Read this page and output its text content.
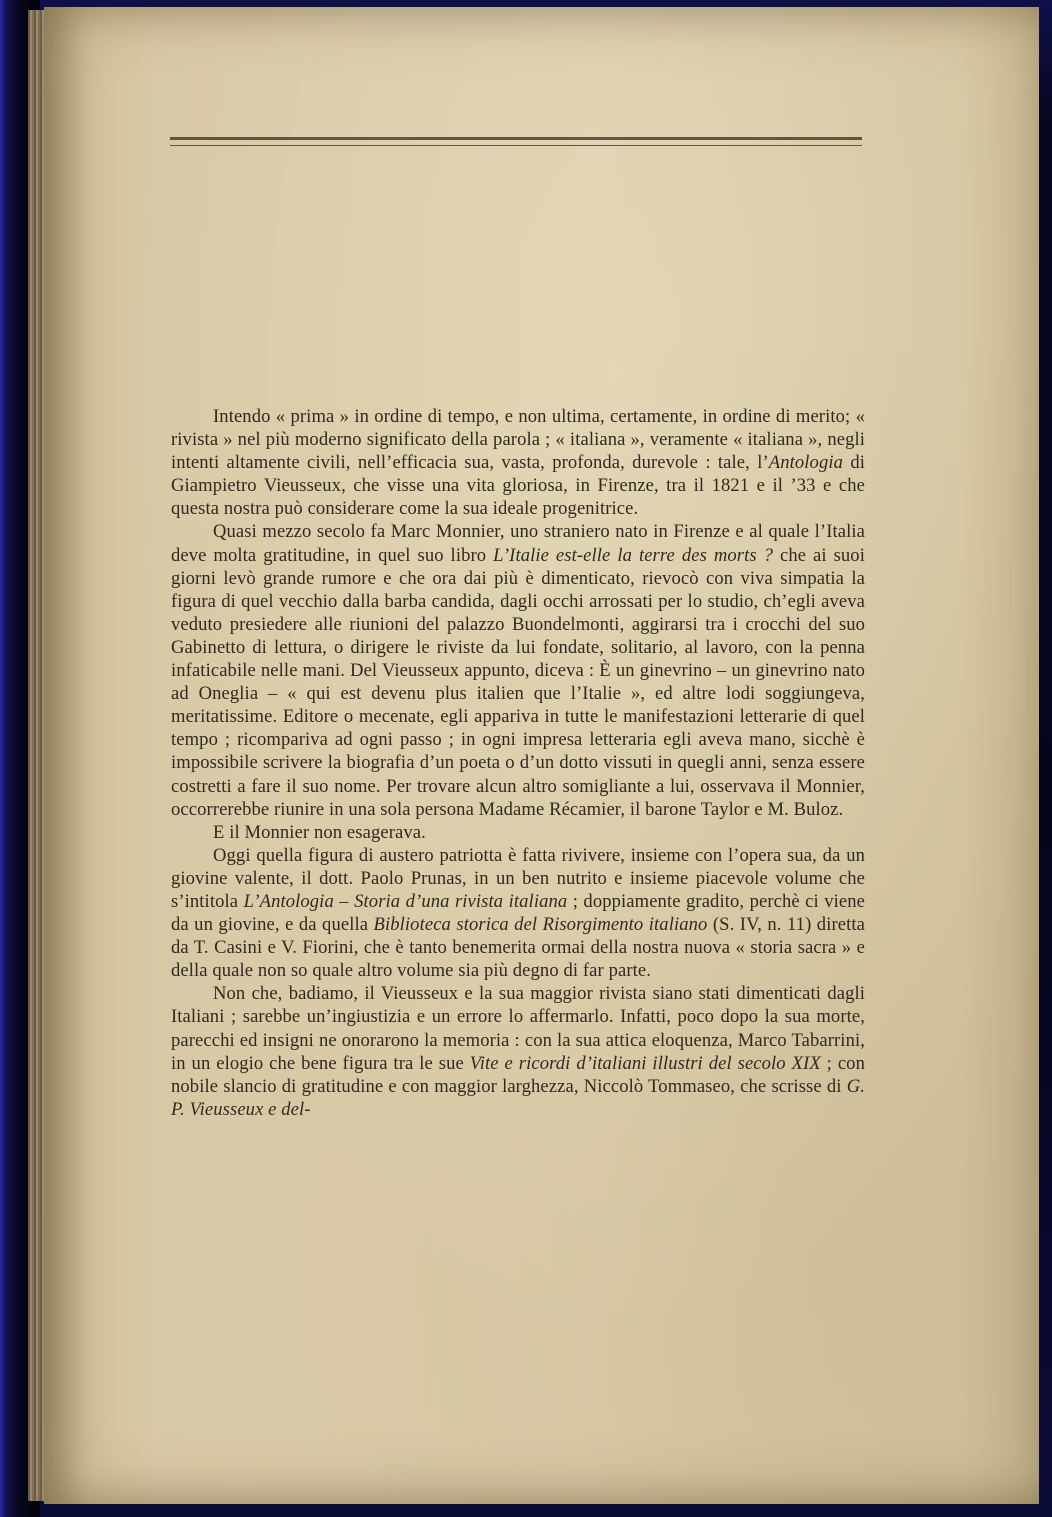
Intendo « prima » in ordine di tempo, e non ultima, certamente, in ordine di merito; « rivista » nel più moderno significato della parola ; « italiana », veramente « italiana », negli intenti altamente civili, nell’efficacia sua, vasta, profonda, durevole : tale, l’Antologia di Giampietro Vieusseux, che visse una vita gloriosa, in Firenze, tra il 1821 e il ’33 e che questa nostra può considerare come la sua ideale progenitrice.

Quasi mezzo secolo fa Marc Monnier, uno straniero nato in Firenze e al quale l’Italia deve molta gratitudine, in quel suo libro L’Italie est-elle la terre des morts ? che ai suoi giorni levò grande rumore e che ora dai più è dimenticato, rievocò con viva simpatia la figura di quel vecchio dalla barba candida, dagli occhi arrossati per lo studio, ch’egli aveva veduto presiedere alle riunioni del palazzo Buondelmonti, aggirarsi tra i crocchi del suo Gabinetto di lettura, o dirigere le riviste da lui fondate, solitario, al lavoro, con la penna infaticabile nelle mani. Del Vieusseux appunto, diceva : È un ginevrino – un ginevrino nato ad Oneglia – « qui est devenu plus italien que l’Italie », ed altre lodi soggiungeva, meritatissime. Editore o mecenate, egli appariva in tutte le manifestazioni letterarie di quel tempo ; ricompariva ad ogni passo ; in ogni impresa letteraria egli aveva mano, sicchè è impossibile scrivere la biografia d’un poeta o d’un dotto vissuti in quegli anni, senza essere costretti a fare il suo nome. Per trovare alcun altro somigliante a lui, osservava il Monnier, occorrerebbe riunire in una sola persona Madame Récamier, il barone Taylor e M. Buloz.

E il Monnier non esagerava.

Oggi quella figura di austero patriotta è fatta rivivere, insieme con l’opera sua, da un giovine valente, il dott. Paolo Prunas, in un ben nutrito e insieme piacevole volume che s’intitola L’Antologia – Storia d’una rivista italiana ; doppiamente gradito, perchè ci viene da un giovine, e da quella Biblioteca storica del Risorgimento italiano (S. IV, n. 11) diretta da T. Casini e V. Fiorini, che è tanto benemerita ormai della nostra nuova « storia sacra » e della quale non so quale altro volume sia più degno di far parte.

Non che, badiamo, il Vieusseux e la sua maggior rivista siano stati dimenticati dagli Italiani ; sarebbe un’ingiustizia e un errore lo affermarlo. Infatti, poco dopo la sua morte, parecchi ed insigni ne onorarono la memoria : con la sua attica eloquenza, Marco Tabarrini, in un elogio che bene figura tra le sue Vite e ricordi d’italiani illustri del secolo XIX ; con nobile slancio di gratitudine e con maggior larghezza, Niccolò Tommaseo, che scrisse di G. P. Vieusseux e del-
